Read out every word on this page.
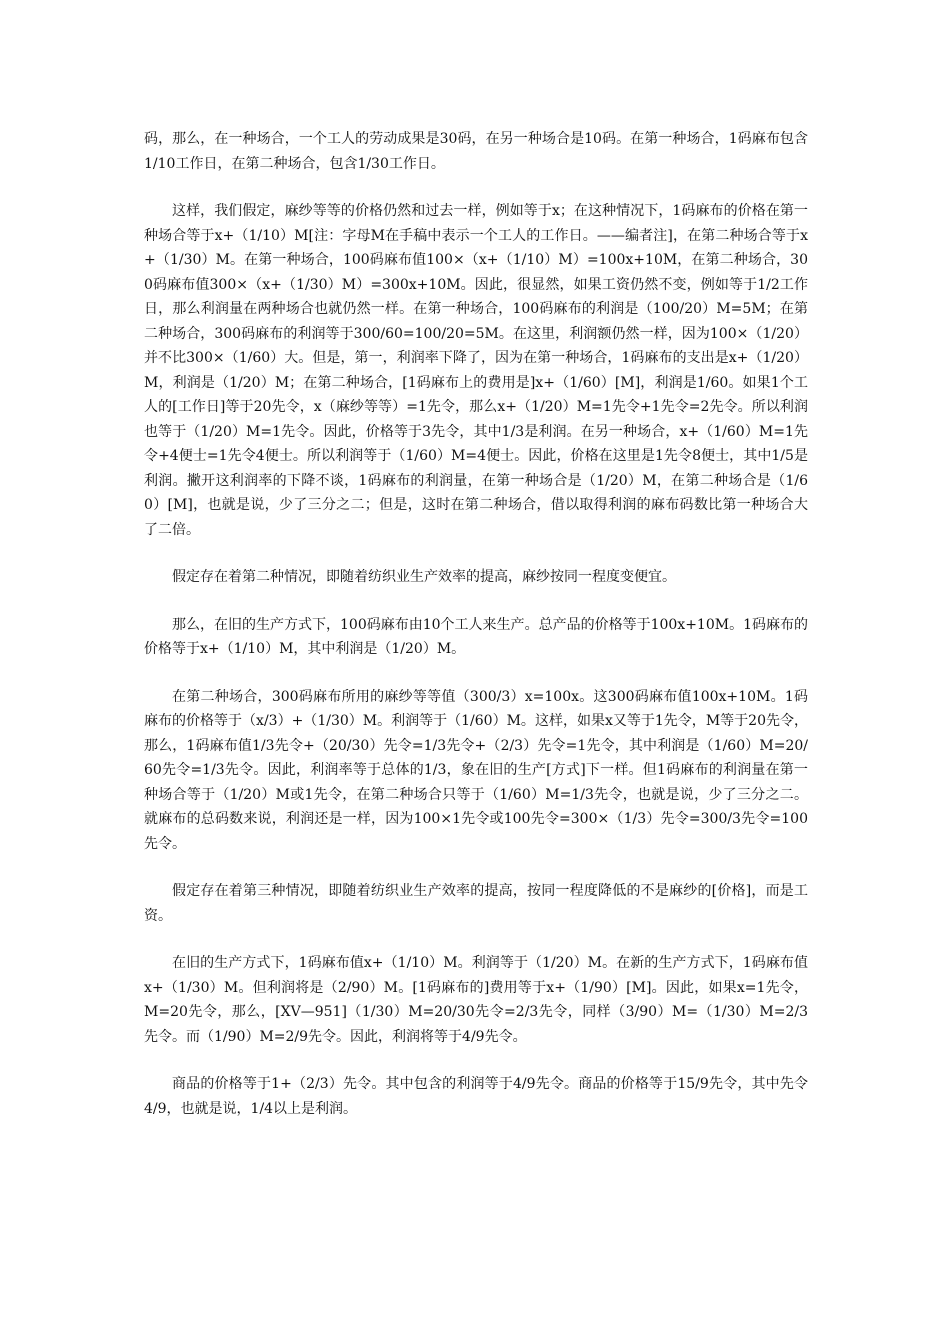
码，那么，在一种场合，一个工人的劳动成果是30码，在另一种场合是10码。在第一种场合，1码麻布包含1/10工作日，在第二种场合，包含1/30工作日。

这样，我们假定，麻纱等等的价格仍然和过去一样，例如等于x；在这种情况下，1码麻布的价格在第一种场合等于x+（1/10）M[注：字母M在手稿中表示一个工人的工作日。——编者注]，在第二种场合等于x+（1/30）M。在第一种场合，100码麻布值100×（x+（1/10）M）=100x+10M，在第二种场合，300码麻布值300×（x+（1/30）M）=300x+10M。因此，很显然，如果工资仍然不变，例如等于1/2工作日，那么利润量在两种场合也就仍然一样。在第一种场合，100码麻布的利润是（100/20）M=5M；在第二种场合，300码麻布的利润等于300/60=100/20=5M。在这里，利润额仍然一样，因为100×（1/20）并不比300×（1/60）大。但是，第一，利润率下降了，因为在第一种场合，1码麻布的支出是x+（1/20）M，利润是（1/20）M；在第二种场合，[1码麻布上的费用是]x+（1/60）[M]，利润是1/60。如果1个工人的[工作日]等于20先令，x（麻纱等等）=1先令，那么x+（1/20）M=1先令+1先令=2先令。所以利润也等于（1/20）M=1先令。因此，价格等于3先令，其中1/3是利润。在另一种场合，x+（1/60）M=1先令+4便士=1先令4便士。所以利润等于（1/60）M=4便士。因此，价格在这里是1先令8便士，其中1/5是利润。撇开这利润率的下降不谈，1码麻布的利润量，在第一种场合是（1/20）M，在第二种场合是（1/60）[M]，也就是说，少了三分之二；但是，这时在第二种场合，借以取得利润的麻布码数比第一种场合大了二倍。

假定存在着第二种情况，即随着纺织业生产效率的提高，麻纱按同一程度变便宜。

那么，在旧的生产方式下，100码麻布由10个工人来生产。总产品的价格等于100x+10M。1码麻布的价格等于x+（1/10）M，其中利润是（1/20）M。

在第二种场合，300码麻布所用的麻纱等等值（300/3）x=100x。这300码麻布值100x+10M。1码麻布的价格等于（x/3）+（1/30）M。利润等于（1/60）M。这样，如果x又等于1先令，M等于20先令，那么，1码麻布值1/3先令+（20/30）先令=1/3先令+（2/3）先令=1先令，其中利润是（1/60）M=20/60先令=1/3先令。因此，利润率等于总体的1/3，象在旧的生产[方式]下一样。但1码麻布的利润量在第一种场合等于（1/20）M或1先令，在第二种场合只等于（1/60）M=1/3先令，也就是说，少了三分之二。就麻布的总码数来说，利润还是一样，因为100×1先令或100先令=300×（1/3）先令=300/3先令=100先令。

假定存在着第三种情况，即随着纺织业生产效率的提高，按同一程度降低的不是麻纱的[价格]，而是工资。

在旧的生产方式下，1码麻布值x+（1/10）M。利润等于（1/20）M。在新的生产方式下，1码麻布值x+（1/30）M。但利润将是（2/90）M。[1码麻布的]费用等于x+（1/90）[M]。因此，如果x=1先令，M=20先令，那么，[XV—951]（1/30）M=20/30先令=2/3先令，同样（3/90）M=（1/30）M=2/3先令。而（1/90）M=2/9先令。因此，利润将等于4/9先令。

商品的价格等于1+（2/3）先令。其中包含的利润等于4/9先令。商品的价格等于15/9先令，其中先令4/9，也就是说，1/4以上是利润。
